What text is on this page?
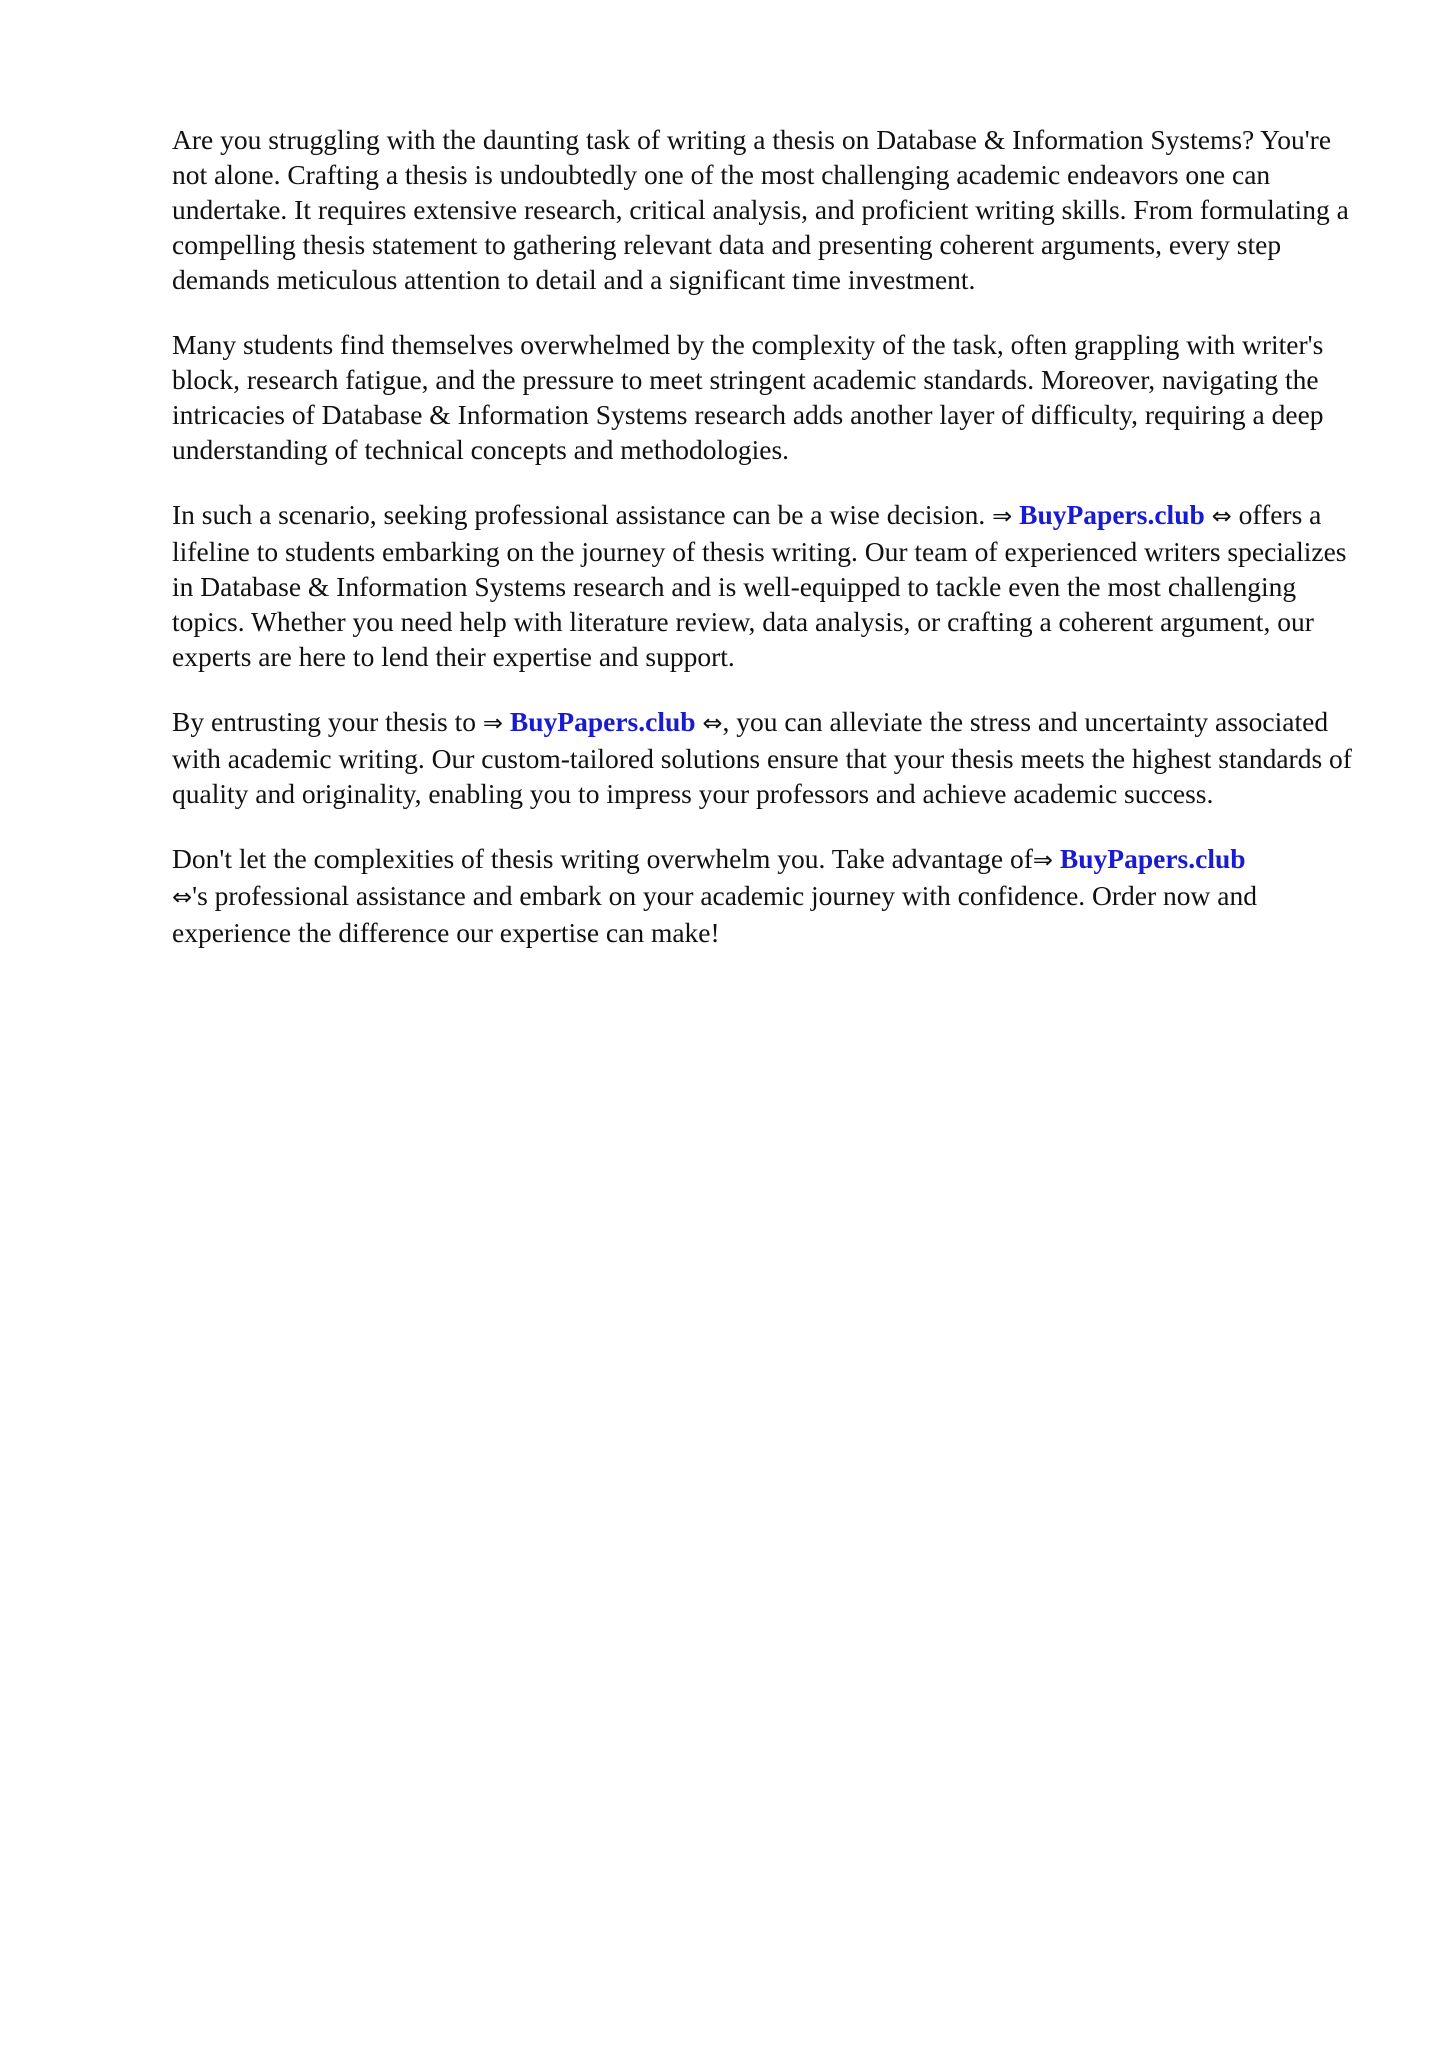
Are you struggling with the daunting task of writing a thesis on Database & Information Systems? You're not alone. Crafting a thesis is undoubtedly one of the most challenging academic endeavors one can undertake. It requires extensive research, critical analysis, and proficient writing skills. From formulating a compelling thesis statement to gathering relevant data and presenting coherent arguments, every step demands meticulous attention to detail and a significant time investment.

Many students find themselves overwhelmed by the complexity of the task, often grappling with writer's block, research fatigue, and the pressure to meet stringent academic standards. Moreover, navigating the intricacies of Database & Information Systems research adds another layer of difficulty, requiring a deep understanding of technical concepts and methodologies.

In such a scenario, seeking professional assistance can be a wise decision. ⇒ BuyPapers.club ⇔ offers a lifeline to students embarking on the journey of thesis writing. Our team of experienced writers specializes in Database & Information Systems research and is well-equipped to tackle even the most challenging topics. Whether you need help with literature review, data analysis, or crafting a coherent argument, our experts are here to lend their expertise and support.

By entrusting your thesis to ⇒ BuyPapers.club ⇔, you can alleviate the stress and uncertainty associated with academic writing. Our custom-tailored solutions ensure that your thesis meets the highest standards of quality and originality, enabling you to impress your professors and achieve academic success.

Don't let the complexities of thesis writing overwhelm you. Take advantage of⇒ BuyPapers.club
⇔'s professional assistance and embark on your academic journey with confidence. Order now and experience the difference our expertise can make!
